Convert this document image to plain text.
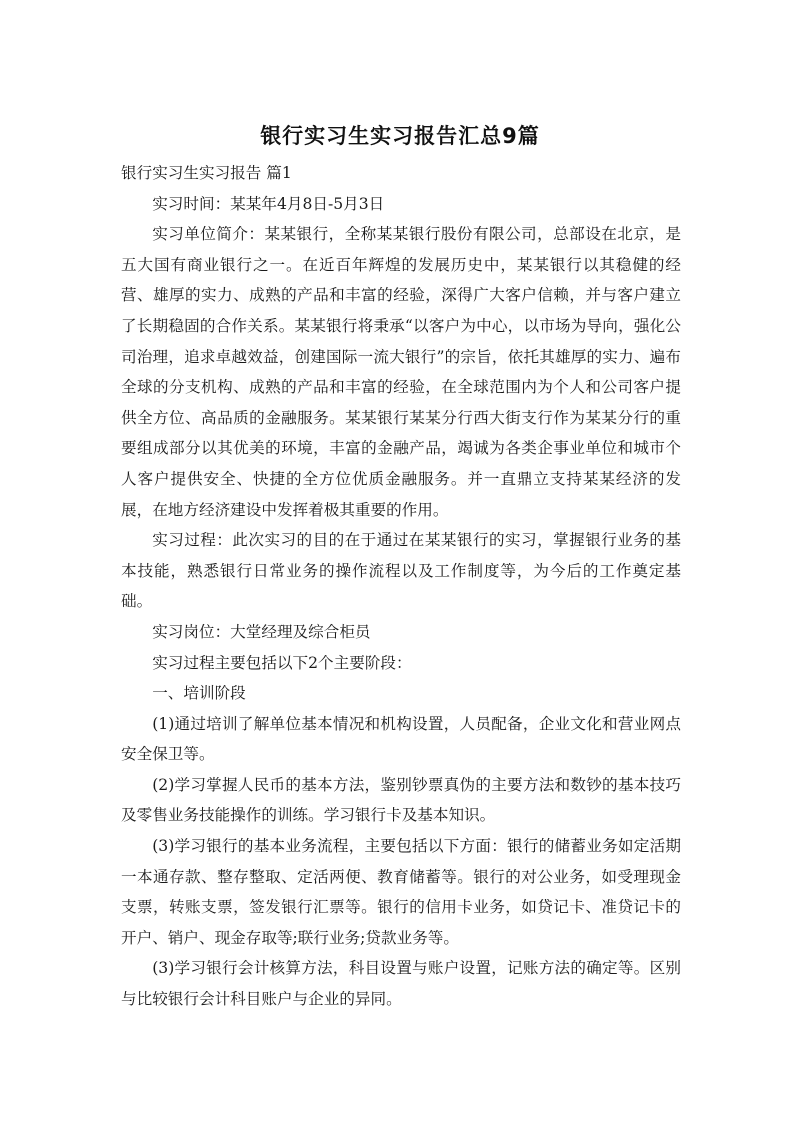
银行实习生实习报告汇总9篇

银行实习生实习报告 篇1

实习时间：某某年4月8日-5月3日

实习单位简介：某某银行，全称某某银行股份有限公司，总部设在北京，是五大国有商业银行之一。在近百年辉煌的发展历史中，某某银行以其稳健的经营、雄厚的实力、成熟的产品和丰富的经验，深得广大客户信赖，并与客户建立了长期稳固的合作关系。某某银行将秉承“以客户为中心，以市场为导向，强化公司治理，追求卓越效益，创建国际一流大银行”的宗旨，依托其雄厚的实力、遍布全球的分支机构、成熟的产品和丰富的经验，在全球范围内为个人和公司客户提供全方位、高品质的金融服务。某某银行某某分行西大街支行作为某某分行的重要组成部分以其优美的环境，丰富的金融产品，竭诚为各类企事业单位和城市个人客户提供安全、快捷的全方位优质金融服务。并一直鼎立支持某某经济的发展，在地方经济建设中发挥着极其重要的作用。

实习过程：此次实习的目的在于通过在某某银行的实习，掌握银行业务的基本技能，熟悉银行日常业务的操作流程以及工作制度等，为今后的工作奠定基础。

实习岗位：大堂经理及综合柜员

实习过程主要包括以下2个主要阶段：

一、培训阶段

(1)通过培训了解单位基本情况和机构设置，人员配备，企业文化和营业网点安全保卫等。

(2)学习掌握人民币的基本方法，鉴别钞票真伪的主要方法和数钞的基本技巧及零售业务技能操作的训练。学习银行卡及基本知识。

(3)学习银行的基本业务流程，主要包括以下方面：银行的储蓄业务如定活期一本通存款、整存整取、定活两便、教育储蓄等。银行的对公业务，如受理现金支票，转账支票，签发银行汇票等。银行的信用卡业务，如贷记卡、准贷记卡的开户、销户、现金存取等;联行业务;贷款业务等。

(3)学习银行会计核算方法，科目设置与账户设置，记账方法的确定等。区别与比较银行会计科目账户与企业的异同。
